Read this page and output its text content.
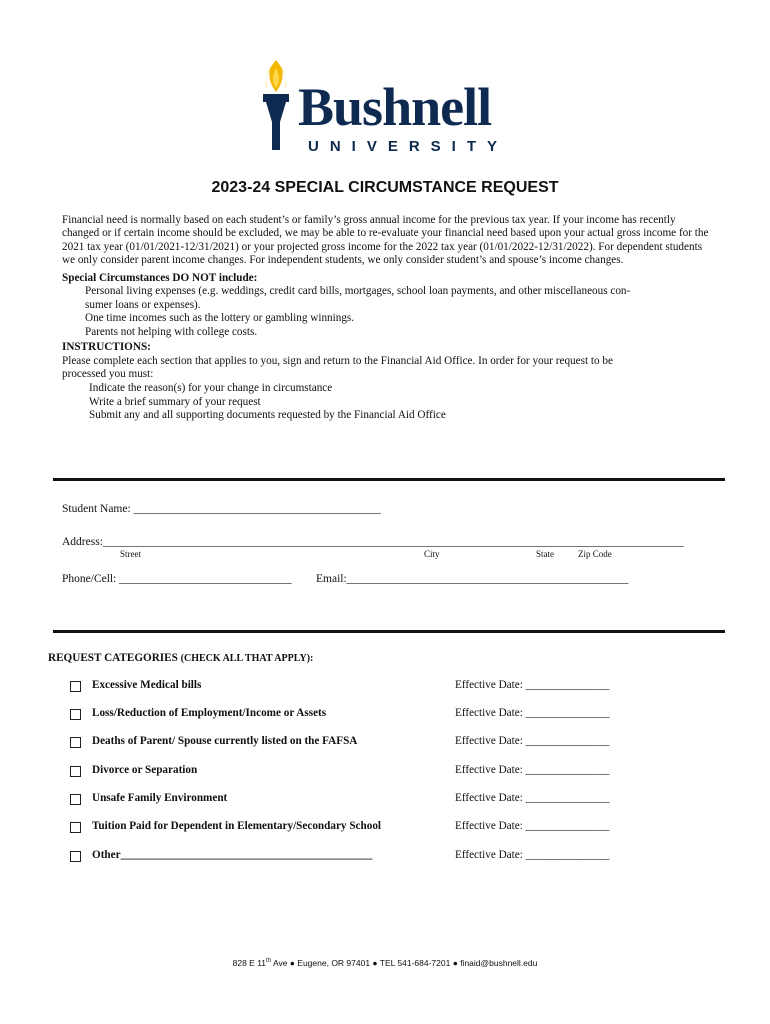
Bushnell
UNIVERSITY
2023-24 SPECIAL CIRCUMSTANCE REQUEST
Financial need is normally based on each student’s or family’s gross annual income for the previous tax year. If your income has recently changed or if certain income should be excluded, we may be able to re-evaluate your financial need based upon your actual gross income for the 2021 tax year (01/01/2021-12/31/2021) or your projected gross income for the 2022 tax year (01/01/2022-12/31/2022). For dependent students we only consider parent income changes. For independent students, we only consider student’s and spouse’s income changes.
Special Circumstances DO NOT include:
Personal living expenses (e.g. weddings, credit card bills, mortgages, school loan payments, and other miscellaneous con-
sumer loans or expenses).
One time incomes such as the lottery or gambling winnings.
Parents not helping with college costs.
INSTRUCTIONS:
Please complete each section that applies to you, sign and return to the Financial Aid Office. In order for your request to be
processed you must:
Indicate the reason(s) for your change in circumstance
Write a brief summary of your request
Submit any and all supporting documents requested by the Financial Aid Office
Student Name: ___________________________________________
Address:_____________________________________________________________________________________________________
Street	City	State	Zip Code
Phone/Cell: ______________________________ Email:_________________________________________________
REQUEST CATEGORIES (CHECK ALL THAT APPLY):
Excessive Medical bills	Effective Date: _______________
Loss/Reduction of Employment/Income or Assets	Effective Date: _______________
Deaths of Parent/ Spouse currently listed on the FAFSA	Effective Date: _______________
Divorce or Separation	Effective Date: _______________
Unsafe Family Environment	Effective Date: _______________
Tuition Paid for Dependent in Elementary/Secondary School	Effective Date: _______________
Other_____________________________________________	Effective Date: _______________
828 E 11th Ave ● Eugene, OR 97401 ● TEL 541-684-7201 ● finaid@bushnell.edu
